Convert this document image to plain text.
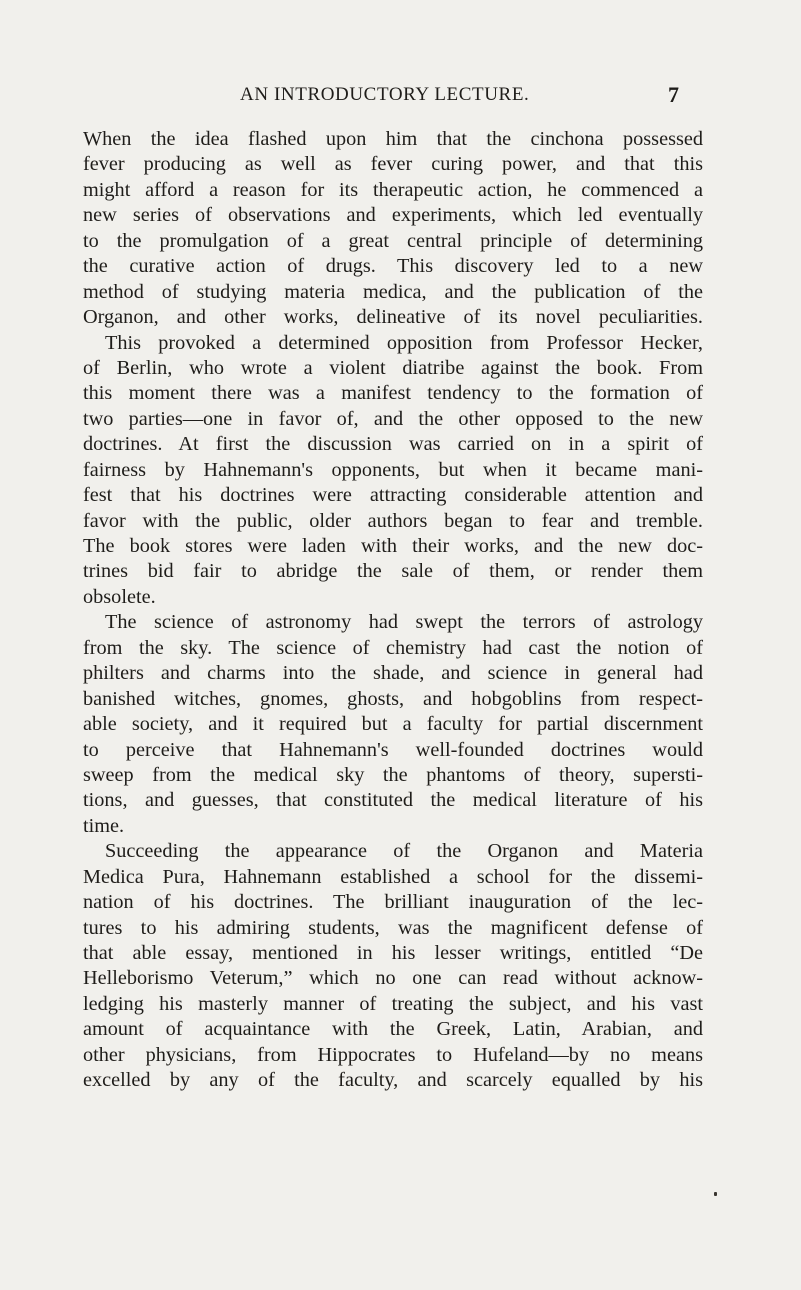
AN INTRODUCTORY LECTURE.	7
When the idea flashed upon him that the cinchona possessed
fever producing as well as fever curing power, and that this
might afford a reason for its therapeutic action, he commenced a
new series of observations and experiments, which led eventually
to the promulgation of a great central principle of determining
the curative action of drugs. This discovery led to a new
method of studying materia medica, and the publication of the
Organon, and other works, delineative of its novel peculiarities.
This provoked a determined opposition from Professor Hecker,
of Berlin, who wrote a violent diatribe against the book. From
this moment there was a manifest tendency to the formation of
two parties—one in favor of, and the other opposed to the new
doctrines. At first the discussion was carried on in a spirit of
fairness by Hahnemann's opponents, but when it became mani-
fest that his doctrines were attracting considerable attention and
favor with the public, older authors began to fear and tremble.
The book stores were laden with their works, and the new doc-
trines bid fair to abridge the sale of them, or render them
obsolete.
The science of astronomy had swept the terrors of astrology
from the sky. The science of chemistry had cast the notion of
philters and charms into the shade, and science in general had
banished witches, gnomes, ghosts, and hobgoblins from respect-
able society, and it required but a faculty for partial discernment
to perceive that Hahnemann's well-founded doctrines would
sweep from the medical sky the phantoms of theory, supersti-
tions, and guesses, that constituted the medical literature of his
time.
Succeeding the appearance of the Organon and Materia
Medica Pura, Hahnemann established a school for the dissemi-
nation of his doctrines. The brilliant inauguration of the lec-
tures to his admiring students, was the magnificent defense of
that able essay, mentioned in his lesser writings, entitled “De
Helleborismo Veterum,” which no one can read without acknow-
ledging his masterly manner of treating the subject, and his vast
amount of acquaintance with the Greek, Latin, Arabian, and
other physicians, from Hippocrates to Hufeland—by no means
excelled by any of the faculty, and scarcely equalled by his
